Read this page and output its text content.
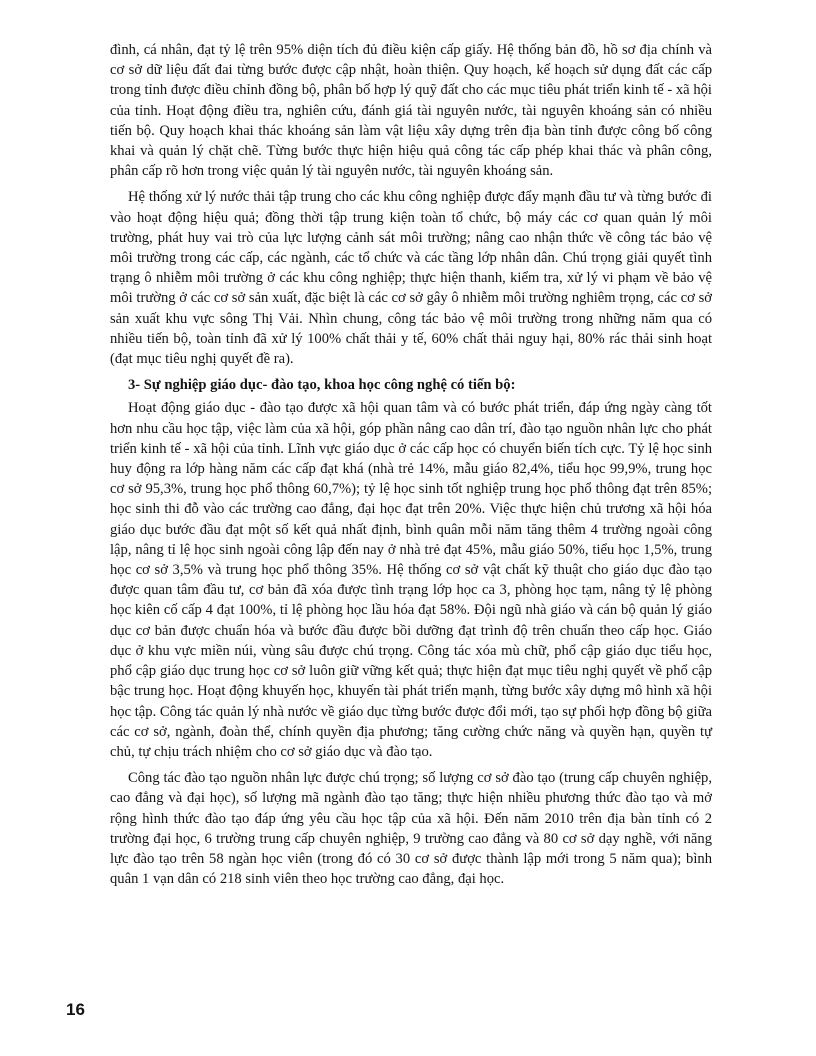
đình, cá nhân, đạt tỷ lệ trên 95% diện tích đủ điều kiện cấp giấy. Hệ thống bản đồ, hồ sơ địa chính và cơ sở dữ liệu đất đai từng bước được cập nhật, hoàn thiện. Quy hoạch, kế hoạch sử dụng đất các cấp trong tỉnh được điều chỉnh đồng bộ, phân bố hợp lý quỹ đất cho các mục tiêu phát triển kinh tế - xã hội của tỉnh. Hoạt động điều tra, nghiên cứu, đánh giá tài nguyên nước, tài nguyên khoáng sản có nhiều tiến bộ. Quy hoạch khai thác khoáng sản làm vật liệu xây dựng trên địa bàn tỉnh được công bố công khai và quản lý chặt chẽ. Từng bước thực hiện hiệu quả công tác cấp phép khai thác và phân công, phân cấp rõ hơn trong việc quản lý tài nguyên nước, tài nguyên khoáng sản.

Hệ thống xử lý nước thải tập trung cho các khu công nghiệp được đẩy mạnh đầu tư và từng bước đi vào hoạt động hiệu quả; đồng thời tập trung kiện toàn tổ chức, bộ máy các cơ quan quản lý môi trường, phát huy vai trò của lực lượng cảnh sát môi trường; nâng cao nhận thức về công tác bảo vệ môi trường trong các cấp, các ngành, các tổ chức và các tầng lớp nhân dân. Chú trọng giải quyết tình trạng ô nhiễm môi trường ở các khu công nghiệp; thực hiện thanh, kiểm tra, xử lý vi phạm về bảo vệ môi trường ở các cơ sở sản xuất, đặc biệt là các cơ sở gây ô nhiễm môi trường nghiêm trọng, các cơ sở sản xuất khu vực sông Thị Vải. Nhìn chung, công tác bảo vệ môi trường trong những năm qua có nhiều tiến bộ, toàn tỉnh đã xử lý 100% chất thải y tế, 60% chất thải nguy hại, 80% rác thải sinh hoạt (đạt mục tiêu nghị quyết đề ra).

3- Sự nghiệp giáo dục- đào tạo, khoa học công nghệ có tiến bộ:

Hoạt động giáo dục - đào tạo được xã hội quan tâm và có bước phát triển, đáp ứng ngày càng tốt hơn nhu cầu học tập, việc làm của xã hội, góp phần nâng cao dân trí, đào tạo nguồn nhân lực cho phát triển kinh tế - xã hội của tỉnh. Lĩnh vực giáo dục ở các cấp học có chuyển biến tích cực. Tỷ lệ học sinh huy động ra lớp hàng năm các cấp đạt khá (nhà trẻ 14%, mẫu giáo 82,4%, tiểu học 99,9%, trung học cơ sở 95,3%, trung học phổ thông 60,7%); tỷ lệ học sinh tốt nghiệp trung học phổ thông đạt trên 85%; học sinh thi đỗ vào các trường cao đẳng, đại học đạt trên 20%. Việc thực hiện chủ trương xã hội hóa giáo dục bước đầu đạt một số kết quả nhất định, bình quân mỗi năm tăng thêm 4 trường ngoài công lập, nâng tỉ lệ học sinh ngoài công lập đến nay ở nhà trẻ đạt 45%, mẫu giáo 50%, tiểu học 1,5%, trung học cơ sở 3,5% và trung học phổ thông 35%. Hệ thống cơ sở vật chất kỹ thuật cho giáo dục đào tạo được quan tâm đầu tư, cơ bản đã xóa được tình trạng lớp học ca 3, phòng học tạm, nâng tỷ lệ phòng học kiên cố cấp 4 đạt 100%, tỉ lệ phòng học lầu hóa đạt 58%. Đội ngũ nhà giáo và cán bộ quản lý giáo dục cơ bản được chuẩn hóa và bước đầu được bồi dưỡng đạt trình độ trên chuẩn theo cấp học. Giáo dục ở khu vực miền núi, vùng sâu được chú trọng. Công tác xóa mù chữ, phổ cập giáo dục tiểu học, phổ cập giáo dục trung học cơ sở luôn giữ vững kết quả; thực hiện đạt mục tiêu nghị quyết về phổ cập bậc trung học. Hoạt động khuyến học, khuyến tài phát triển mạnh, từng bước xây dựng mô hình xã hội học tập. Công tác quản lý nhà nước về giáo dục từng bước được đổi mới, tạo sự phối hợp đồng bộ giữa các cơ sở, ngành, đoàn thể, chính quyền địa phương; tăng cường chức năng và quyền hạn, quyền tự chủ, tự chịu trách nhiệm cho cơ sở giáo dục và đào tạo.

Công tác đào tạo nguồn nhân lực được chú trọng; số lượng cơ sở đào tạo (trung cấp chuyên nghiệp, cao đẳng và đại học), số lượng mã ngành đào tạo tăng; thực hiện nhiều phương thức đào tạo và mở rộng hình thức đào tạo đáp ứng yêu cầu học tập của xã hội. Đến năm 2010 trên địa bàn tỉnh có 2 trường đại học, 6 trường trung cấp chuyên nghiệp, 9 trường cao đẳng và 80 cơ sở dạy nghề, với năng lực đào tạo trên 58 ngàn học viên (trong đó có 30 cơ sở được thành lập mới trong 5 năm qua); bình quân 1 vạn dân có 218 sinh viên theo học trường cao đẳng, đại học.

16
